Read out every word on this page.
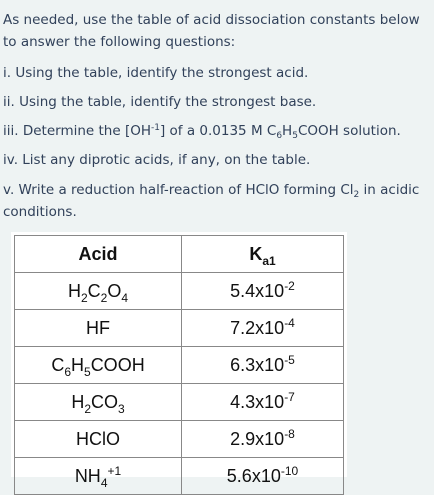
As needed, use the table of acid dissociation constants below to answer the following questions:

i. Using the table, identify the strongest acid.

ii. Using the table, identify the strongest base.

iii. Determine the $[OH^{-1}]$ of a 0.0135 M $C_6H_5COOH$ solution.

iv. List any diprotic acids, if any, on the table.

v. Write a reduction half-reaction of HClO forming $Cl_2$ in acidic conditions.

Acid	$K_{a1}$
$H_2C_2O_4$	$5.4x10^{-2}$
HF	$7.2x10^{-4}$
$C_6H_5COOH$	$6.3x10^{-5}$
$H_2CO_3$	$4.3x10^{-7}$
HClO	$2.9x10^{-8}$
$NH_4^{+1}$	$5.6x10^{-10}$
